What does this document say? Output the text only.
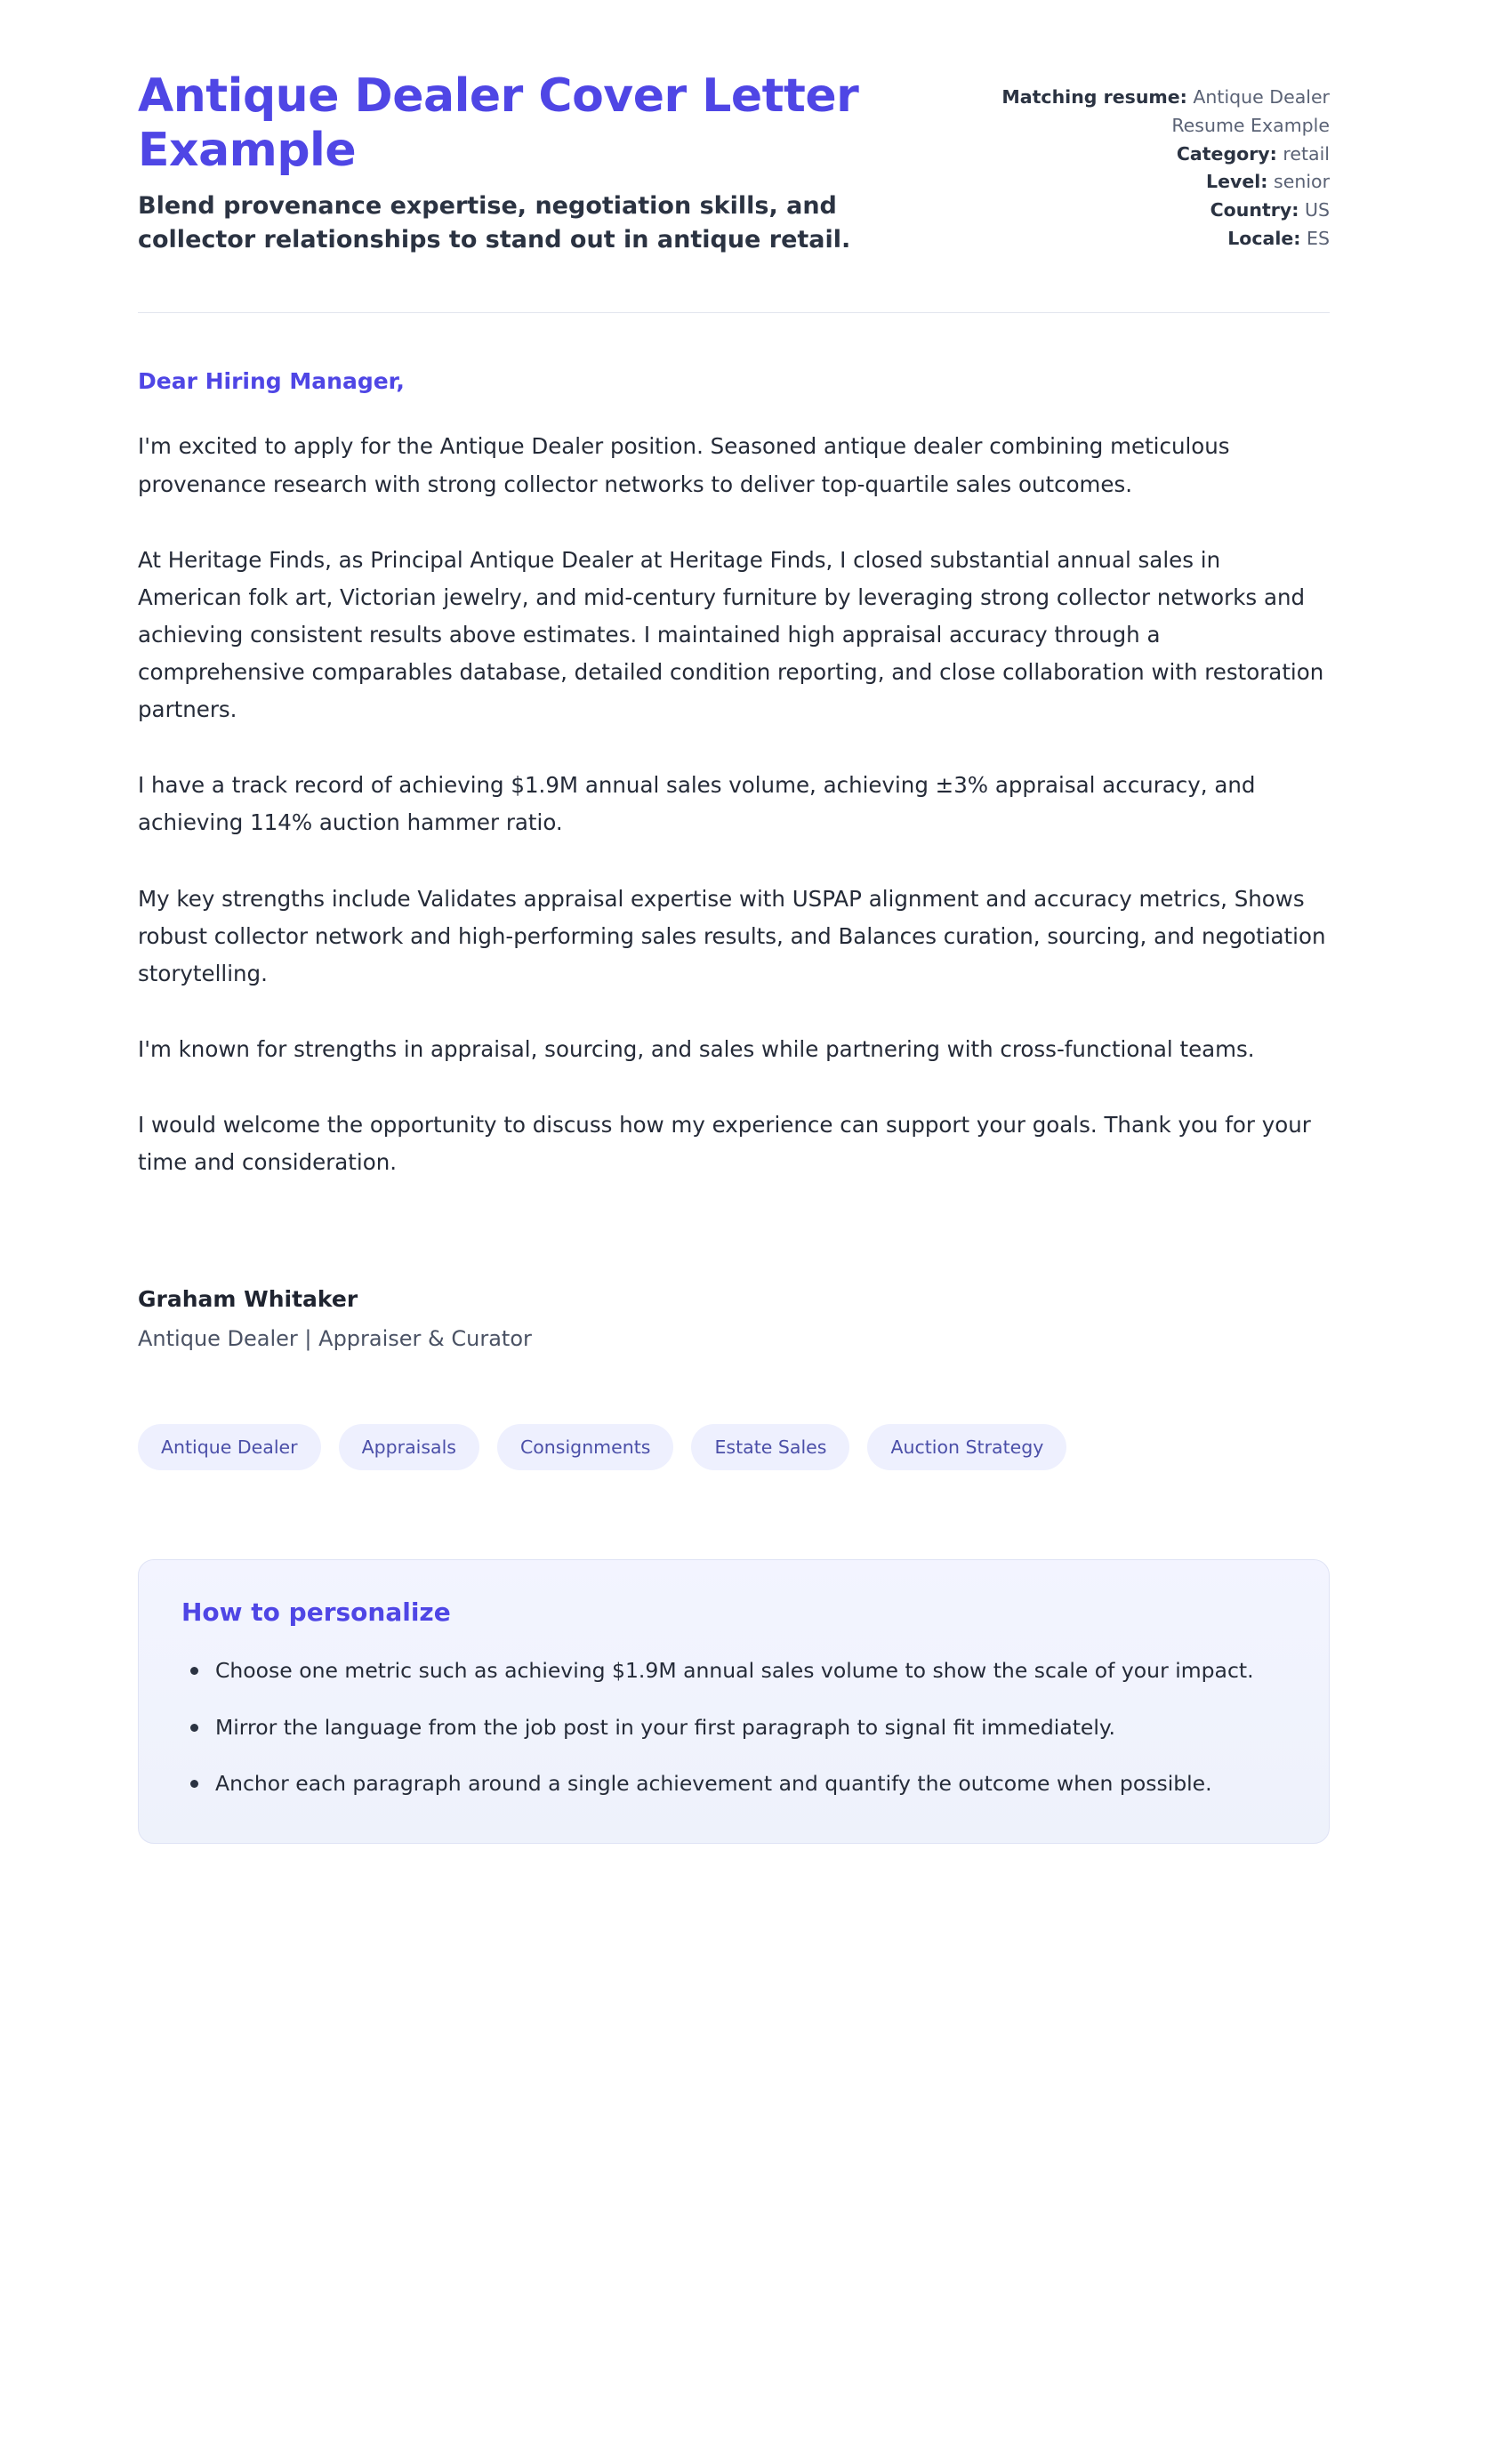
Antique Dealer Cover Letter Example

Blend provenance expertise, negotiation skills, and collector relationships to stand out in antique retail.

Matching resume: Antique Dealer Resume Example
Category: retail
Level: senior
Country: US
Locale: ES

Dear Hiring Manager,

I'm excited to apply for the Antique Dealer position. Seasoned antique dealer combining meticulous provenance research with strong collector networks to deliver top-quartile sales outcomes.

At Heritage Finds, as Principal Antique Dealer at Heritage Finds, I closed substantial annual sales in American folk art, Victorian jewelry, and mid-century furniture by leveraging strong collector networks and achieving consistent results above estimates. I maintained high appraisal accuracy through a comprehensive comparables database, detailed condition reporting, and close collaboration with restoration partners.

I have a track record of achieving $1.9M annual sales volume, achieving ±3% appraisal accuracy, and achieving 114% auction hammer ratio.

My key strengths include Validates appraisal expertise with USPAP alignment and accuracy metrics, Shows robust collector network and high-performing sales results, and Balances curation, sourcing, and negotiation storytelling.

I'm known for strengths in appraisal, sourcing, and sales while partnering with cross-functional teams.

I would welcome the opportunity to discuss how my experience can support your goals. Thank you for your time and consideration.

Graham Whitaker

Antique Dealer | Appraiser & Curator

Antique Dealer	Appraisals	Consignments	Estate Sales	Auction Strategy
How to personalize
Choose one metric such as achieving $1.9M annual sales volume to show the scale of your impact.
Mirror the language from the job post in your first paragraph to signal fit immediately.
Anchor each paragraph around a single achievement and quantify the outcome when possible.
